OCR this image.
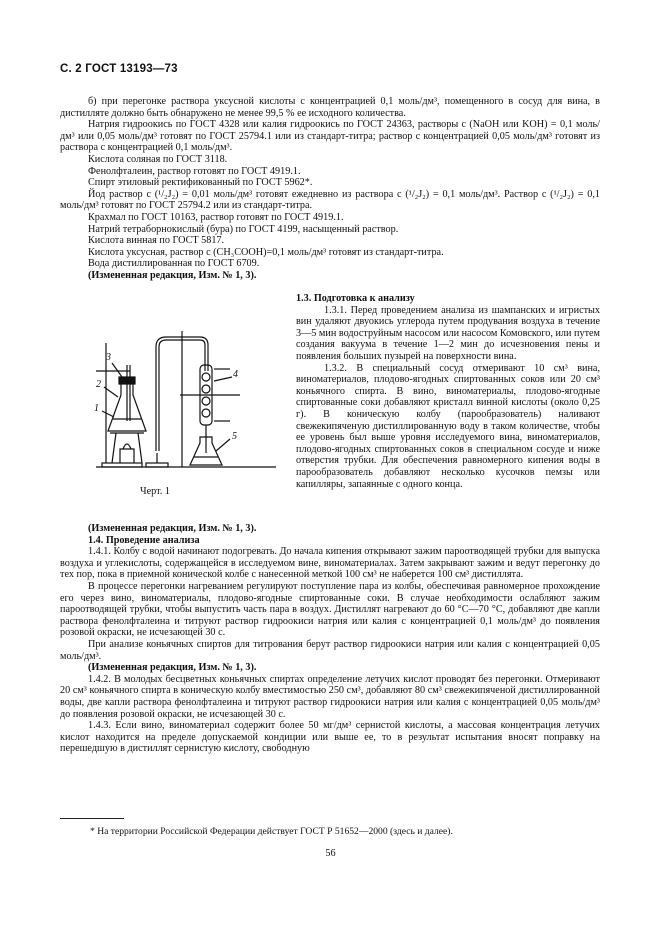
С. 2 ГОСТ 13193—73

б) при перегонке раствора уксусной кислоты с концентрацией 0,1 моль/дм³, помещенного в сосуд для вина, в дистилляте должно быть обнаружено не менее 99,5 % ее исходного количества.

Натрия гидроокись по ГОСТ 4328 или калия гидроокись по ГОСТ 24363, растворы c (NaOH или KOH) = 0,1 моль/дм³ или 0,05 моль/дм³ готовят по ГОСТ 25794.1 или из стандарт-титра; раствор с концентрацией 0,05 моль/дм³ готовят из раствора с концентрацией 0,1 моль/дм³.

Кислота соляная по ГОСТ 3118.

Фенолфталеин, раствор готовят по ГОСТ 4919.1.

Спирт этиловый ректификованный по ГОСТ 5962*.

Йод раствор c (¹/₂J₂) = 0,01 моль/дм³ готовят ежедневно из раствора c (¹/₂J₂) = 0,1 моль/дм³. Раствор c (¹/₂J₂) = 0,1 моль/дм³ готовят по ГОСТ 25794.2 или из стандарт-титра.

Крахмал по ГОСТ 10163, раствор готовят по ГОСТ 4919.1.

Натрий тетраборнокислый (бура) по ГОСТ 4199, насыщенный раствор.

Кислота винная по ГОСТ 5817.

Кислота уксусная, раствор c (CH₃COOH)=0,1 моль/дм³ готовят из стандарт-титра.

Вода дистиллированная по ГОСТ 6709.

(Измененная редакция, Изм. № 1, 3).

1.3. Подготовка к анализу

1.3.1. Перед проведением анализа из шампанских и игристых вин удаляют двуокись углерода путем продувания воздуха в течение 3—5 мин водоструйным насосом или насосом Комовского, или путем создания вакуума в течение 1—2 мин до исчезновения пены и появления больших пузырей на поверхности вина.

1.3.2. В специальный сосуд отмеривают 10 см³ вина, виноматериалов, плодово-ягодных спиртованных соков или 20 см³ коньячного спирта. В вино, виноматериалы, плодово-ягодные спиртованные соки добавляют кристалл винной кислоты (около 0,25 г). В коническую колбу (парообразователь) наливают свежекипяченую дистиллированную воду в таком количестве, чтобы ее уровень был выше уровня исследуемого вина, виноматериалов, плодово-ягодных спиртованных соков в специальном сосуде и ниже отверстия трубки. Для обеспечения равномерного кипения воды в парообразователь добавляют несколько кусочков пемзы или капилляры, запаянные с одного конца.

3
2
1
4
5
Черт. 1

(Измененная редакция, Изм. № 1, 3).

1.4. Проведение анализа

1.4.1. Колбу с водой начинают подогревать. До начала кипения открывают зажим пароотводящей трубки для выпуска воздуха и углекислоты, содержащейся в исследуемом вине, виноматериалах. Затем закрывают зажим и ведут перегонку до тех пор, пока в приемной конической колбе с нанесенной меткой 100 см³ не наберется 100 см³ дистиллята.

В процессе перегонки нагреванием регулируют поступление пара из колбы, обеспечивая равномерное прохождение его через вино, виноматериалы, плодово-ягодные спиртованные соки. В случае необходимости ослабляют зажим пароотводящей трубки, чтобы выпустить часть пара в воздух. Дистиллят нагревают до 60 °С—70 °С, добавляют две капли раствора фенолфталеина и титруют раствор гидроокиси натрия или калия с концентрацией 0,1 моль/дм³ до появления розовой окраски, не исчезающей 30 с.

При анализе коньячных спиртов для титрования берут раствор гидроокиси натрия или калия с концентрацией 0,05 моль/дм³.

(Измененная редакция, Изм. № 1, 3).

1.4.2. В молодых бесцветных коньячных спиртах определение летучих кислот проводят без перегонки. Отмеривают 20 см³ коньячного спирта в коническую колбу вместимостью 250 см³, добавляют 80 см³ свежекипяченой дистиллированной воды, две капли раствора фенолфталеина и титруют раствор гидроокиси натрия или калия с концентрацией 0,05 моль/дм³ до появления розовой окраски, не исчезающей 30 с.

1.4.3. Если вино, виноматериал содержит более 50 мг/дм³ сернистой кислоты, а массовая концентрация летучих кислот находится на пределе допускаемой кондиции или выше ее, то в результат испытания вносят поправку на перешедшую в дистиллят сернистую кислоту, свободную

* На территории Российской Федерации действует ГОСТ Р 51652—2000 (здесь и далее).
56
